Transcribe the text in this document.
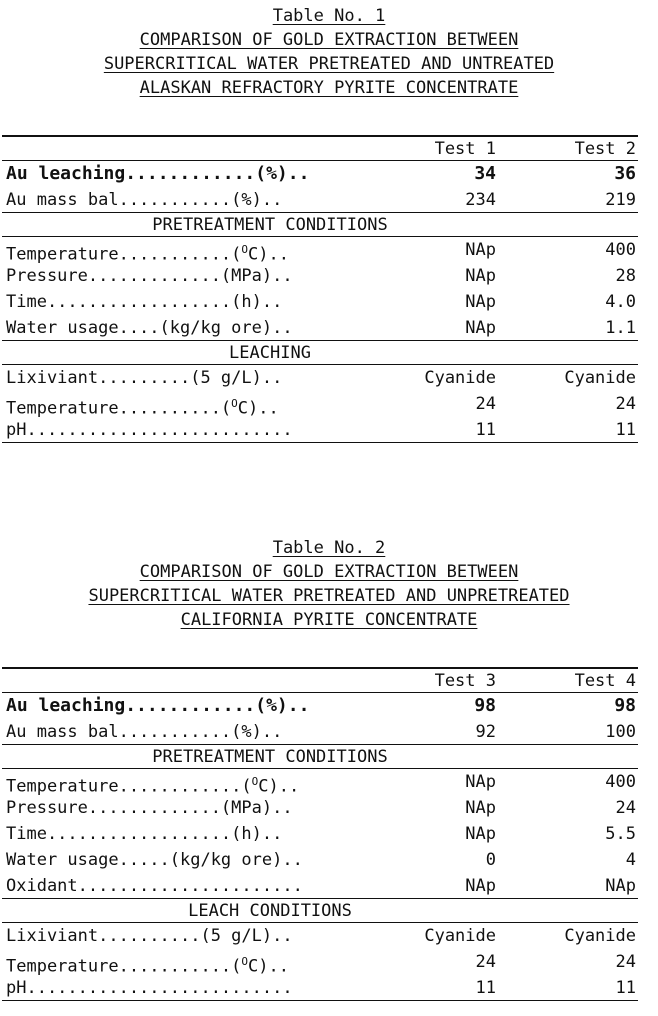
Table No. 1
COMPARISON OF GOLD EXTRACTION BETWEEN
SUPERCRITICAL WATER PRETREATED AND UNTREATED
ALASKAN REFRACTORY PYRITE CONCENTRATE
Test 1	Test 2
Au leaching............(%)..	34	36
Au mass bal...........(%)..	234	219
PRETREATMENT CONDITIONS
Temperature...........($^O$C)..	NAp	400
Pressure.............(MPa)..	NAp	28
Time..................(h)..	NAp	4.0
Water usage....(kg/kg ore)..	NAp	1.1
LEACHING
Lixiviant.........(5 g/L)..	Cyanide	Cyanide
Temperature..........($^O$C)..	24	24
pH..........................	11	11
Table No. 2
COMPARISON OF GOLD EXTRACTION BETWEEN
SUPERCRITICAL WATER PRETREATED AND UNPRETREATED
CALIFORNIA PYRITE CONCENTRATE
Test 3	Test 4
Au leaching............(%)..	98	98
Au mass bal...........(%)..	92	100
PRETREATMENT CONDITIONS
Temperature............($^O$C)..	NAp	400
Pressure.............(MPa)..	NAp	24
Time..................(h)..	NAp	5.5
Water usage.....(kg/kg ore)..	0	4
Oxidant......................	NAp	NAp
LEACH CONDITIONS
Lixiviant..........(5 g/L)..	Cyanide	Cyanide
Temperature...........($^O$C)..	24	24
pH..........................	11	11
